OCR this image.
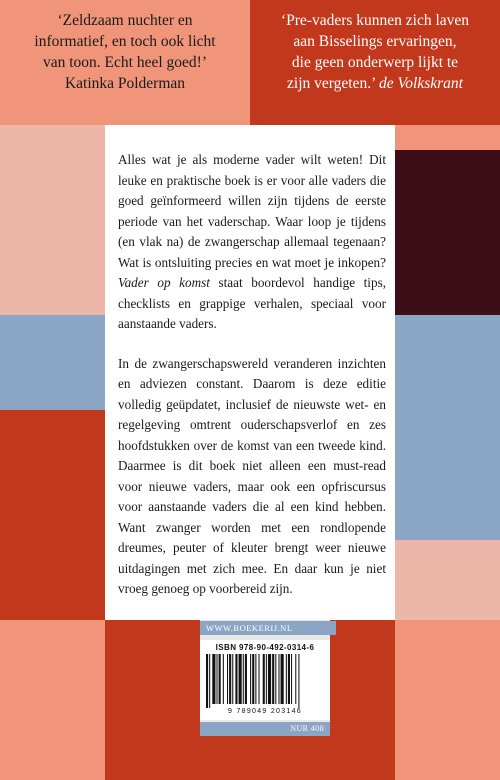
‘Zeldzaam nuchter en
informatief, en toch ook licht
van toon. Echt heel goed!’
Katinka Polderman
‘Pre-vaders kunnen zich laven
aan Bisselings ervaringen,
die geen onderwerp lijkt te
zijn vergeten.’ de Volkskrant

Alles wat je als moderne vader wilt weten! Dit leuke en praktische boek is er voor alle vaders die goed geïnformeerd willen zijn tijdens de eerste periode van het vaderschap. Waar loop je tijdens (en vlak na) de zwangerschap allemaal tegenaan? Wat is ontsluiting precies en wat moet je inkopen? Vader op komst staat boordevol handige tips, checklists en grappige verhalen, speciaal voor aanstaande vaders.

In de zwangerschapswereld veranderen inzichten en adviezen constant. Daarom is deze editie volledig geüpdatet, inclusief de nieuwste wet- en regelgeving omtrent ouderschapsverlof en zes hoofdstukken over de komst van een tweede kind. Daarmee is dit boek niet alleen een must-read voor nieuwe vaders, maar ook een opfriscursus voor aanstaande vaders die al een kind hebben. Want zwanger worden met een rondlopende dreumes, peuter of kleuter brengt weer nieuwe uitdagingen met zich mee. En daar kun je niet vroeg genoeg op voorbereid zijn.

WWW.BOEKERIJ.NL
ISBN 978-90-492-0314-6
9 789049 203146
NUR 400
